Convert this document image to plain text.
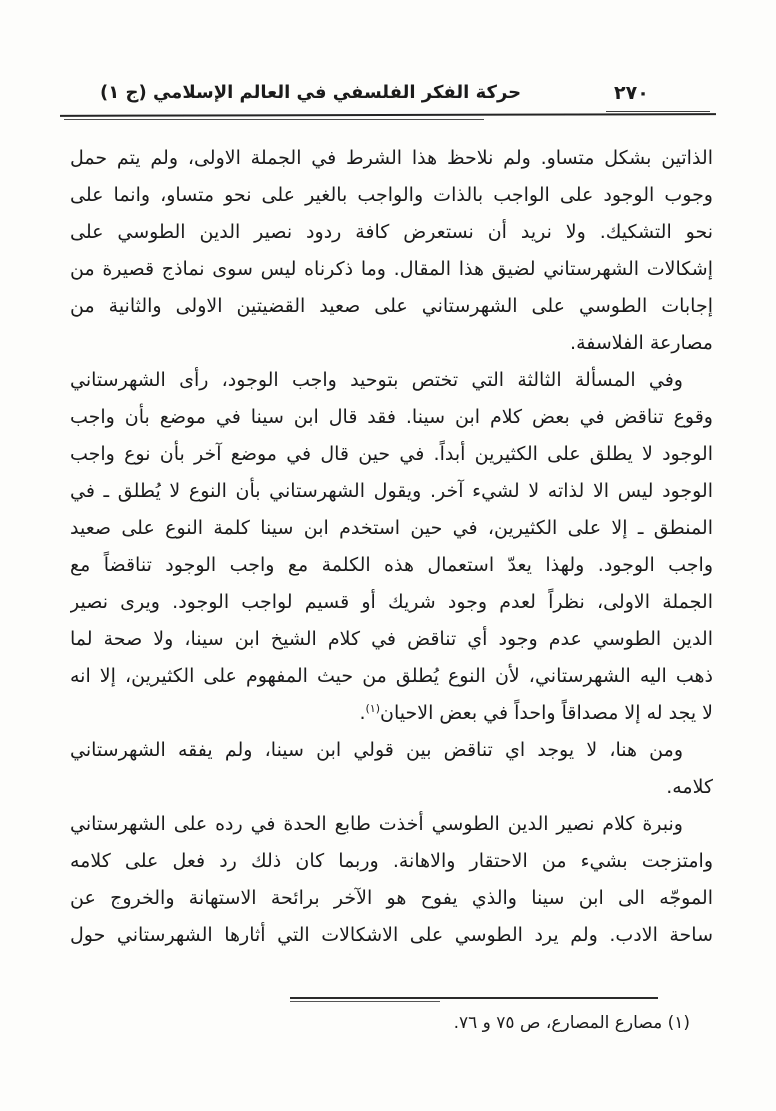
حركة الفكر الفلسفي في العالم الإسلامي (ج ١)	٢٧٠
الذاتين بشكل متساو. ولم نلاحظ هذا الشرط في الجملة الاولى، ولم يتم حمل
وجوب الوجود على الواجب بالذات والواجب بالغير على نحو متساو، وانما على
نحو التشكيك. ولا نريد أن نستعرض كافة ردود نصير الدين الطوسي على
إشكالات الشهرستاني لضيق هذا المقال. وما ذكرناه ليس سوى نماذج قصيرة من
إجابات الطوسي على الشهرستاني على صعيد القضيتين الاولى والثانية من
مصارعة الفلاسفة.
وفي المسألة الثالثة التي تختص بتوحيد واجب الوجود، رأى الشهرستاني
وقوع تناقض في بعض كلام ابن سينا. فقد قال ابن سينا في موضع بأن واجب
الوجود لا يطلق على الكثيرين أبداً. في حين قال في موضع آخر بأن نوع واجب
الوجود ليس الا لذاته لا لشيء آخر. ويقول الشهرستاني بأن النوع لا يُطلق ـ في
المنطق ـ إلا على الكثيرين، في حين استخدم ابن سينا كلمة النوع على صعيد
واجب الوجود. ولهذا يعدّ استعمال هذه الكلمة مع واجب الوجود تناقضاً مع
الجملة الاولى، نظراً لعدم وجود شريك أو قسيم لواجب الوجود. ويرى نصير
الدين الطوسي عدم وجود أي تناقض في كلام الشيخ ابن سينا، ولا صحة لما
ذهب اليه الشهرستاني، لأن النوع يُطلق من حيث المفهوم على الكثيرين، إلا انه
لا يجد له إلا مصداقاً واحداً في بعض الاحيان$^{(١)}$.
ومن هنا، لا يوجد اي تناقض بين قولي ابن سينا، ولم يفقه الشهرستاني
كلامه.
ونبرة كلام نصير الدين الطوسي أخذت طابع الحدة في رده على الشهرستاني
وامتزجت بشيء من الاحتقار والاهانة. وربما كان ذلك رد فعل على كلامه
الموجّه الى ابن سينا والذي يفوح هو الآخر برائحة الاستهانة والخروج عن
ساحة الادب. ولم يرد الطوسي على الاشكالات التي أثارها الشهرستاني حول
(١) مصارع المصارع، ص ٧٥ و ٧٦.
